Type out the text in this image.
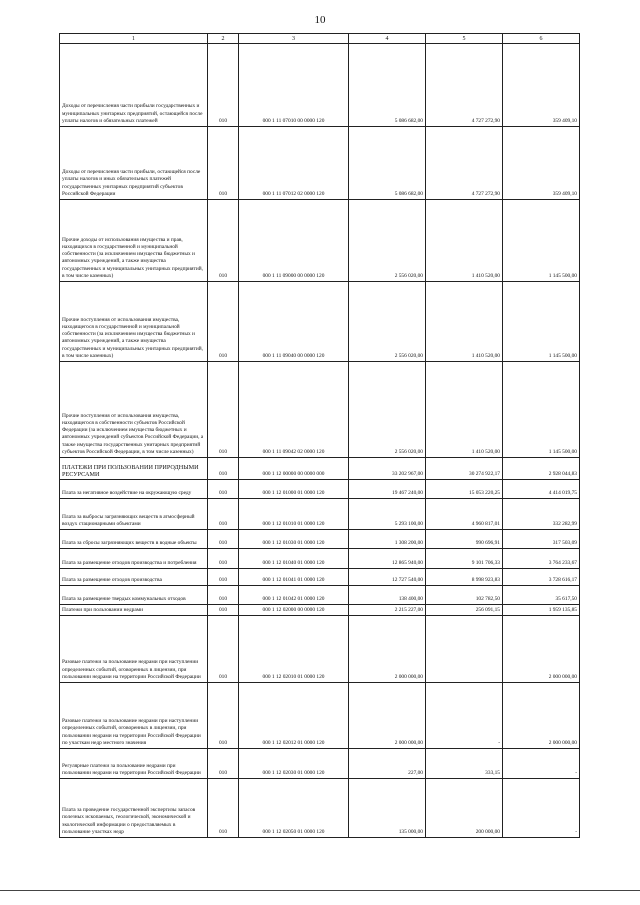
10
1	2	3	4	5	6
Доходы от перечисления части прибыли государственных и муниципальных унитарных предприятий, остающейся после уплаты налогов и обязательных платежей	010	000 1 11 07010 00 0000 120	5 086 682,00	4 727 272,90	359 409,10
Доходы от перечисления части прибыли, остающейся после уплаты налогов и иных обязательных платежей государственных унитарных предприятий субъектов Российской Федерации	010	000 1 11 07012 02 0000 120	5 086 682,00	4 727 272,90	359 409,10
Прочие доходы от использования имущества и прав, находящихся в государственной и муниципальной собственности (за исключением имущества бюджетных и автономных учреждений, а также имущества государственных и муниципальных унитарных предприятий, в том числе казенных)	010	000 1 11 09000 00 0000 120	2 556 020,00	1 410 520,00	1 145 500,00
Прочие поступления от использования имущества, находящегося в государственной и муниципальной собственности (за исключением имущества бюджетных и автономных учреждений, а также имущества государственных и муниципальных унитарных предприятий, в том числе казенных)	010	000 1 11 09040 00 0000 120	2 556 020,00	1 410 520,00	1 145 500,00
Прочие поступления от использования имущества, находящегося в собственности субъектов Российской Федерации (за исключением имущества бюджетных и автономных учреждений субъектов Российской Федерации, а также имущества государственных унитарных предприятий субъектов Российской Федерации, в том числе казенных)	010	000 1 11 09042 02 0000 120	2 556 020,00	1 410 520,00	1 145 500,00
ПЛАТЕЖИ ПРИ ПОЛЬЗОВАНИИ ПРИРОДНЫМИ РЕСУРСАМИ	010	000 1 12 00000 00 0000 000	33 202 967,00	30 274 922,17	2 928 044,83
Плата за негативное воздействие на окружающую среду	010	000 1 12 01000 01 0000 120	19 467 240,00	15 053 220,25	4 414 019,75
Плата за выбросы загрязняющих веществ в атмосферный воздух стационарными объектами	010	000 1 12 01010 01 0000 120	5 293 100,00	4 960 817,01	332 282,99
Плата за сбросы загрязняющих веществ в водные объекты	010	000 1 12 01030 01 0000 120	1 308 200,00	990 696,91	317 503,09
Плата за размещение отходов производства и потребления	010	000 1 12 01040 01 0000 120	12 865 940,00	9 101 706,33	3 764 233,67
Плата за размещение отходов производства	010	000 1 12 01041 01 0000 120	12 727 540,00	8 998 923,83	3 728 616,17
Плата за размещение твердых коммунальных отходов	010	000 1 12 01042 01 0000 120	138 400,00	102 782,50	35 617,50
Платежи при пользовании недрами	010	000 1 12 02000 00 0000 120	2 215 227,00	256 091,15	1 959 135,85
Разовые платежи за пользование недрами при наступлении определенных событий, оговоренных в лицензии, при пользовании недрами на территории Российской Федерации	010	000 1 12 02010 01 0000 120	2 000 000,00		2 000 000,00
Разовые платежи за пользование недрами при наступлении определенных событий, оговоренных в лицензии, при пользовании недрами на территории Российской Федерации по участкам недр местного значения	010	000 1 12 02012 01 0000 120	2 000 000,00	-	2 000 000,00
Регулярные платежи за пользование недрами при пользовании недрами на территории Российской Федерации	010	000 1 12 02030 01 0000 120	227,00	333,15	-
Плата за проведение государственной экспертизы запасов полезных ископаемых, геологической, экономической и экологической информации о предоставляемых в пользование участках недр	010	000 1 12 02050 01 0000 120	135 000,00	200 000,00	-
